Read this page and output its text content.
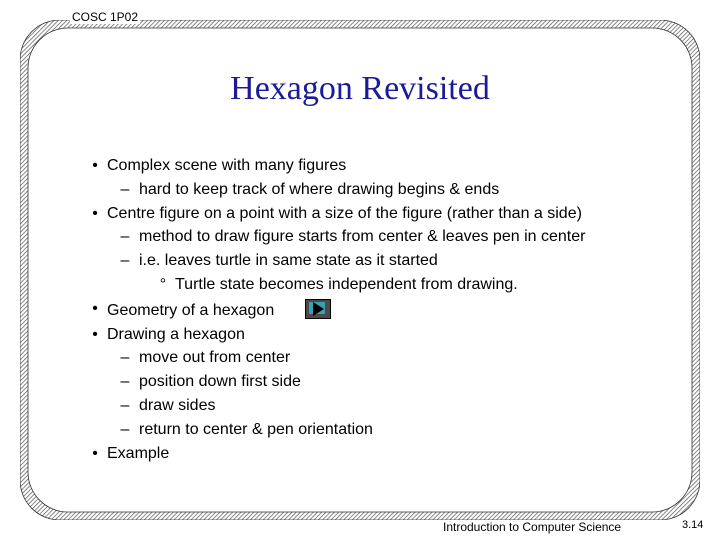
COSC 1P02
Hexagon Revisited
• Complex scene with many figures
– hard to keep track of where drawing begins & ends
• Centre figure on a point with a size of the figure (rather than a side)
– method to draw figure starts from center & leaves pen in center
– i.e. leaves turtle in same state as it started
° Turtle state becomes independent from drawing.
• Geometry of a hexagon
• Drawing a hexagon
– move out from center
– position down first side
– draw sides
– return to center & pen orientation
• Example
Introduction to Computer Science	3.14
